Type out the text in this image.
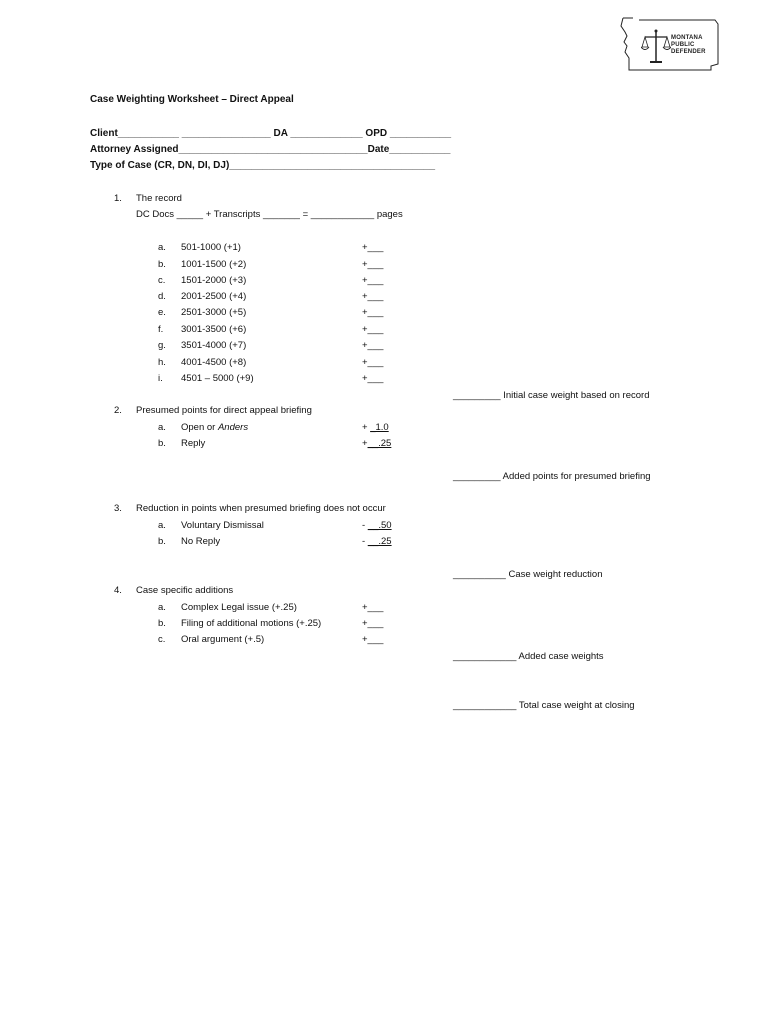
MONTANA
PUBLIC
DEFENDER
Case Weighting Worksheet – Direct Appeal
Client___________ ________________ DA _____________ OPD ___________
Attorney Assigned__________________________________Date___________
Type of Case (CR, DN, DI, DJ)_____________________________________
1. The record
DC Docs _____ + Transcripts _______ = ____________ pages
a. 501-1000 (+1)	+___
b. 1001-1500 (+2)	+___
c. 1501-2000 (+3)	+___
d. 2001-2500 (+4)	+___
e. 2501-3000 (+5)	+___
f. 3001-3500 (+6)	+___
g. 3501-4000 (+7)	+___
h. 4001-4500 (+8)	+___
i. 4501 – 5000 (+9)	+___
_________ Initial case weight based on record
2. Presumed points for direct appeal briefing
a. Open or Anders	+ _1.0
b. Reply	+__.25
_________ Added points for presumed briefing
3. Reduction in points when presumed briefing does not occur
a. Voluntary Dismissal	- __.50
b. No Reply	- __.25
__________ Case weight reduction
4. Case specific additions
a. Complex Legal issue (+.25)	+___
b. Filing of additional motions (+.25)	+___
c. Oral argument (+.5)	+___
____________ Added case weights
____________ Total case weight at closing
